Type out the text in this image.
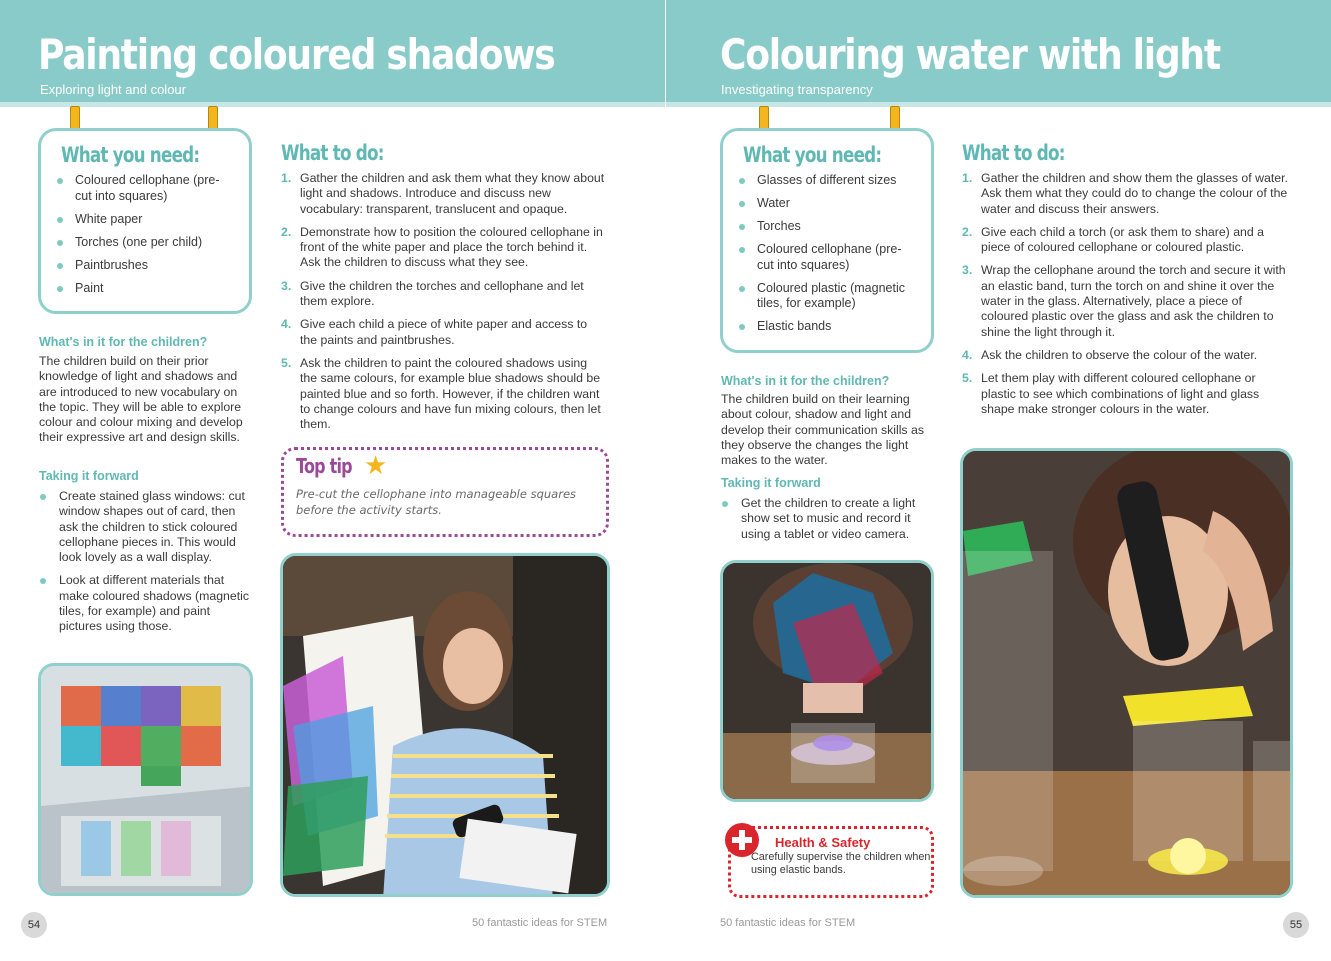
Painting coloured shadows
Exploring light and colour
What you need:
Coloured cellophane (pre-cut into squares)
White paper
Torches (one per child)
Paintbrushes
Paint
What's in it for the children?

The children build on their prior knowledge of light and shadows and are introduced to new vocabulary on the topic. They will be able to explore colour and colour mixing and develop their expressive art and design skills.

Taking it forward
Create stained glass windows: cut window shapes out of card, then ask the children to stick coloured cellophane pieces in. This would look lovely as a wall display.
Look at different materials that make coloured shadows (magnetic tiles, for example) and paint pictures using those.
What to do:
1. Gather the children and ask them what they know about light and shadows. Introduce and discuss new vocabulary: transparent, translucent and opaque.
2. Demonstrate how to position the coloured cellophane in front of the white paper and place the torch behind it. Ask the children to discuss what they see.
3. Give the children the torches and cellophane and let them explore.
4. Give each child a piece of white paper and access to the paints and paintbrushes.
5. Ask the children to paint the coloured shadows using the same colours, for example blue shadows should be painted blue and so forth. However, if the children want to change colours and have fun mixing colours, then let them.
Top tip ★
Pre-cut the cellophane into manageable squares before the activity starts.
54	50 fantastic ideas for STEM
Colouring water with light
Investigating transparency
What you need:
Glasses of different sizes
Water
Torches
Coloured cellophane (pre-cut into squares)
Coloured plastic (magnetic tiles, for example)
Elastic bands
What's in it for the children?

The children build on their learning about colour, shadow and light and develop their communication skills as they observe the changes the light makes to the water.

Taking it forward
Get the children to create a light show set to music and record it using a tablet or video camera.
Health & Safety
Carefully supervise the children when using elastic bands.
What to do:
1. Gather the children and show them the glasses of water. Ask them what they could do to change the colour of the water and discuss their answers.
2. Give each child a torch (or ask them to share) and a piece of coloured cellophane or coloured plastic.
3. Wrap the cellophane around the torch and secure it with an elastic band, turn the torch on and shine it over the water in the glass. Alternatively, place a piece of coloured plastic over the glass and ask the children to shine the light through it.
4. Ask the children to observe the colour of the water.
5. Let them play with different coloured cellophane or plastic to see which combinations of light and glass shape make stronger colours in the water.
55
50 fantastic ideas for STEM
